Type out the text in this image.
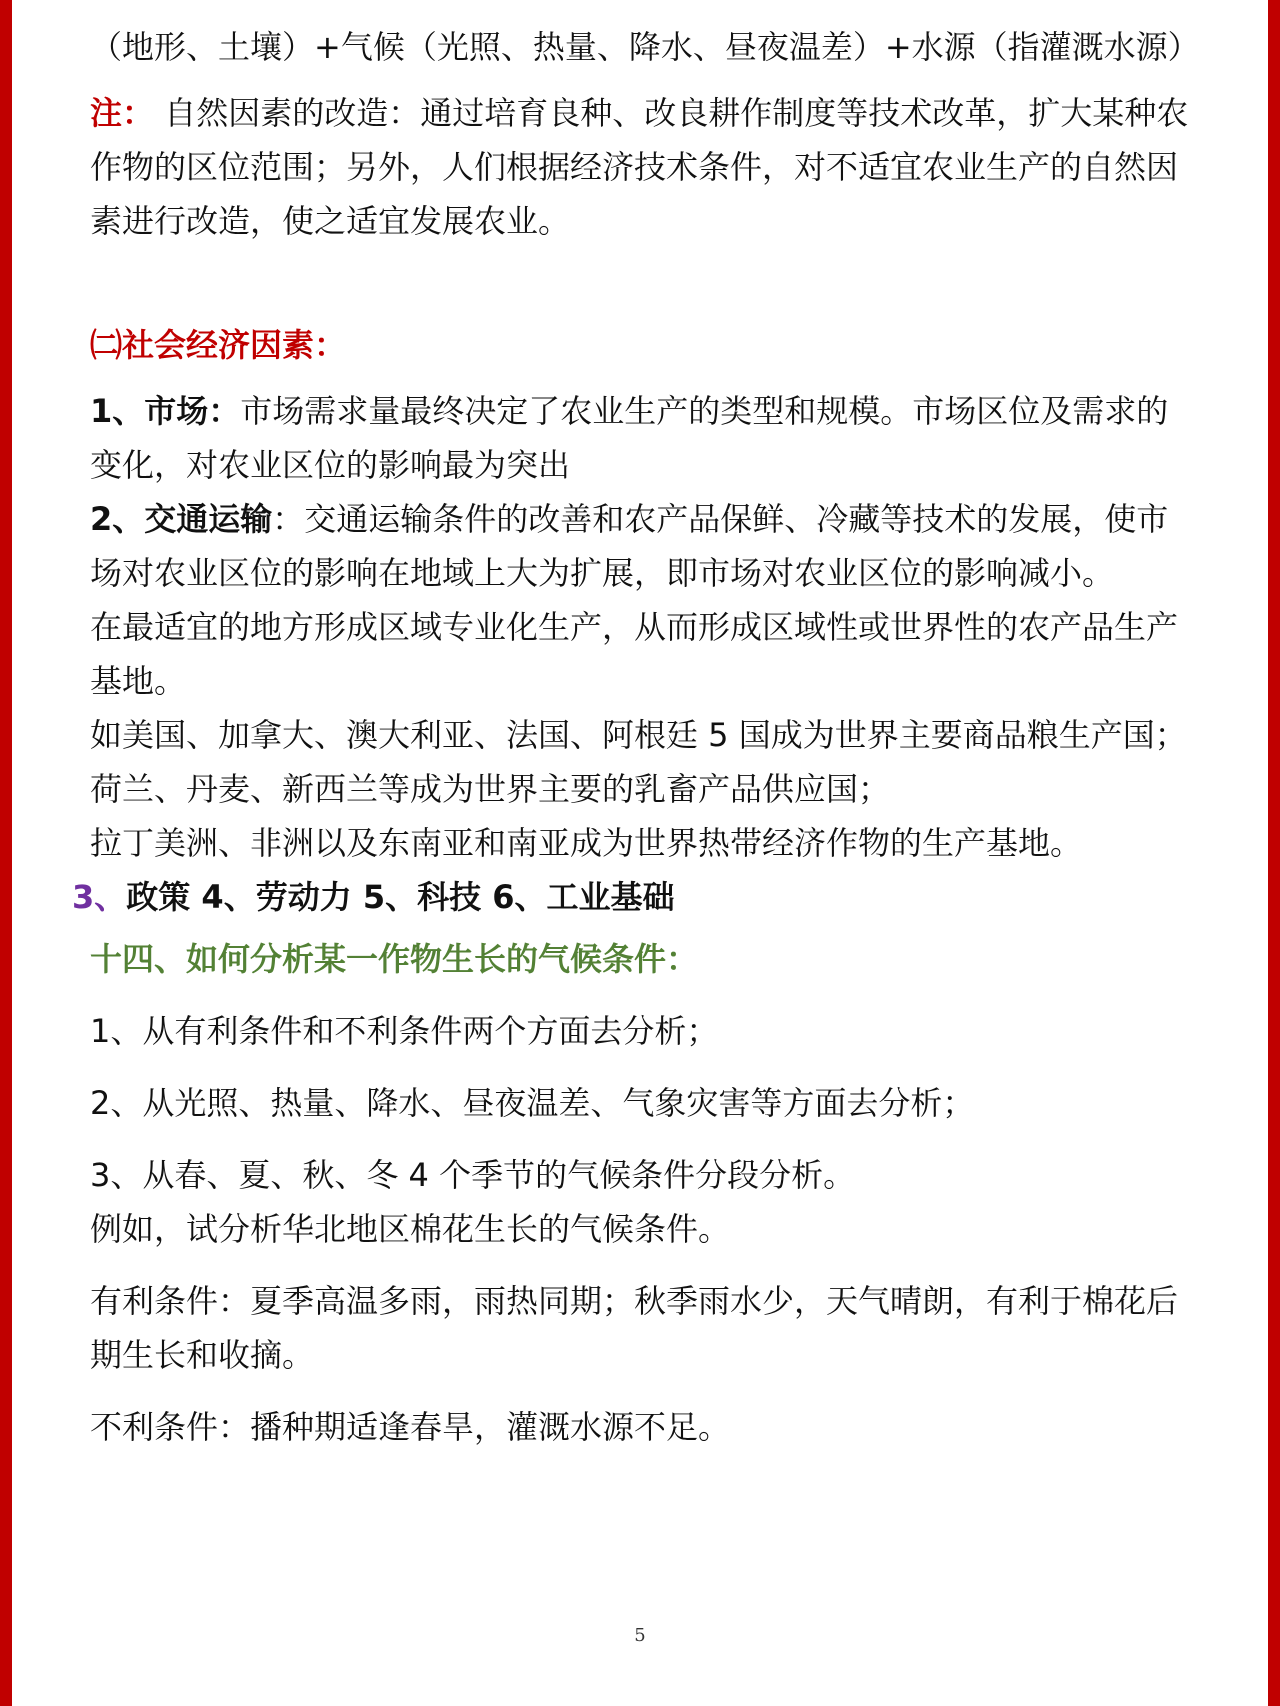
（地形、土壤）+气候（光照、热量、降水、昼夜温差）+水源（指灌溉水源）

注： 自然因素的改造：通过培育良种、改良耕作制度等技术改革，扩大某种农作物的区位范围；另外，人们根据经济技术条件，对不适宜农业生产的自然因素进行改造，使之适宜发展农业。

㈡社会经济因素：

1、市场：市场需求量最终决定了农业生产的类型和规模。市场区位及需求的变化，对农业区位的影响最为突出

2、交通运输：交通运输条件的改善和农产品保鲜、冷藏等技术的发展，使市场对农业区位的影响在地域上大为扩展，即市场对农业区位的影响减小。

在最适宜的地方形成区域专业化生产，从而形成区域性或世界性的农产品生产基地。

如美国、加拿大、澳大利亚、法国、阿根廷 5 国成为世界主要商品粮生产国；荷兰、丹麦、新西兰等成为世界主要的乳畜产品供应国；

拉丁美洲、非洲以及东南亚和南亚成为世界热带经济作物的生产基地。

3、政策 4、劳动力 5、科技 6、工业基础

十四、如何分析某一作物生长的气候条件：

1、从有利条件和不利条件两个方面去分析；

2、从光照、热量、降水、昼夜温差、气象灾害等方面去分析；

3、从春、夏、秋、冬 4 个季节的气候条件分段分析。

例如，试分析华北地区棉花生长的气候条件。

有利条件：夏季高温多雨，雨热同期；秋季雨水少，天气晴朗，有利于棉花后期生长和收摘。

不利条件：播种期适逢春旱，灌溉水源不足。

5
